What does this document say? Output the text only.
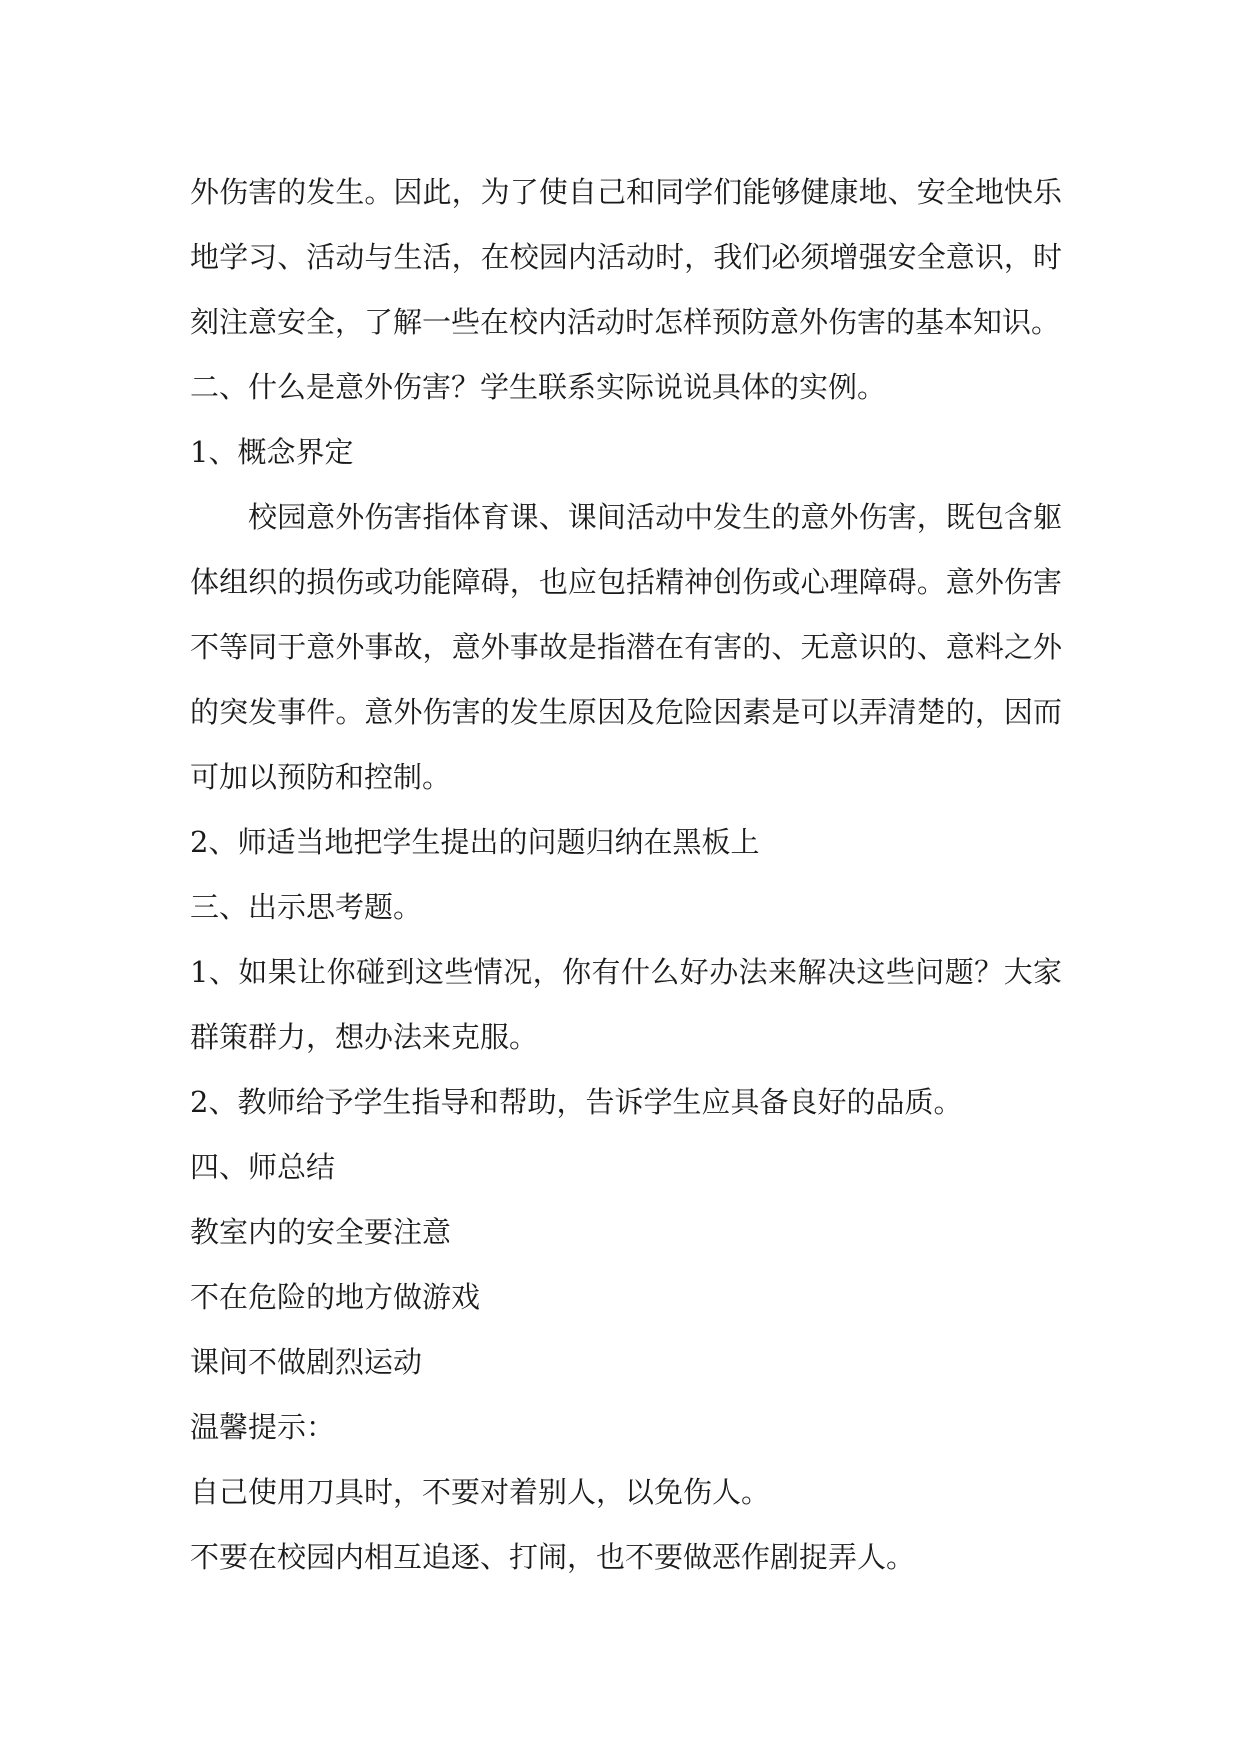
外伤害的发生。因此，为了使自己和同学们能够健康地、安全地快乐地学习、活动与生活，在校园内活动时，我们必须增强安全意识，时刻注意安全，了解一些在校内活动时怎样预防意外伤害的基本知识。

二、什么是意外伤害？学生联系实际说说具体的实例。

1、概念界定

校园意外伤害指体育课、课间活动中发生的意外伤害，既包含躯体组织的损伤或功能障碍，也应包括精神创伤或心理障碍。意外伤害不等同于意外事故，意外事故是指潜在有害的、无意识的、意料之外的突发事件。意外伤害的发生原因及危险因素是可以弄清楚的，因而可加以预防和控制。

2、师适当地把学生提出的问题归纳在黑板上

三、出示思考题。

1、如果让你碰到这些情况，你有什么好办法来解决这些问题？大家群策群力，想办法来克服。

2、教师给予学生指导和帮助，告诉学生应具备良好的品质。

四、师总结

教室内的安全要注意

不在危险的地方做游戏

课间不做剧烈运动

温馨提示：

自己使用刀具时，不要对着别人，以免伤人。

不要在校园内相互追逐、打闹，也不要做恶作剧捉弄人。
